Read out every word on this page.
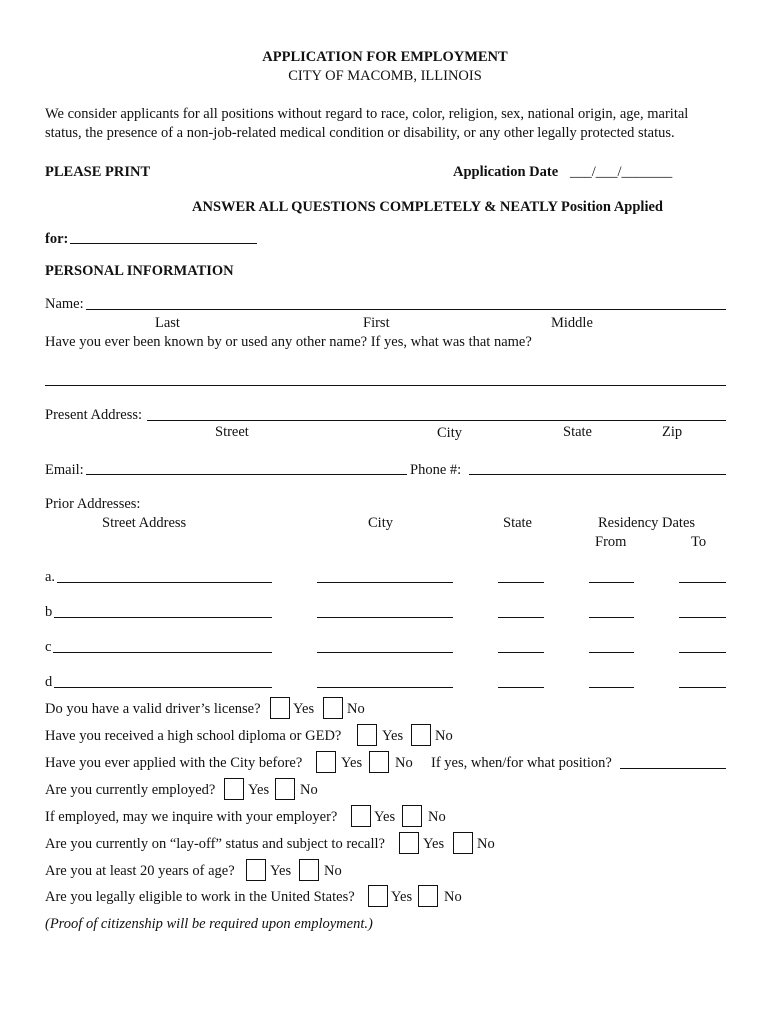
APPLICATION FOR EMPLOYMENT
CITY OF MACOMB, ILLINOIS
We consider applicants for all positions without regard to race, color, religion, sex, national origin, age, marital
status, the presence of a non-job-related medical condition or disability, or any other legally protected status.
PLEASE PRINT	Application Date ___/___/_______
ANSWER ALL QUESTIONS COMPLETELY & NEATLY Position Applied
for:
PERSONAL INFORMATION
Name:
Last	First	Middle
Have you ever been known by or used any other name? If yes, what was that name?
Present Address:
Street	City	State	Zip
Email:	Phone #:
Prior Addresses:
Street Address	City	State	Residency Dates
From	To
a.
b
c
d
Do you have a valid driver’s license? Yes No
Have you received a high school diploma or GED?	Yes No
Have you ever applied with the City before?	Yes No If yes, when/for what position?
Are you currently employed? Yes No
If employed, may we inquire with your employer?	Yes No
Are you currently on “lay-off” status and subject to recall?	Yes No
Are you at least 20 years of age? Yes No
Are you legally eligible to work in the United States?	Yes No
(Proof of citizenship will be required upon employment.)
